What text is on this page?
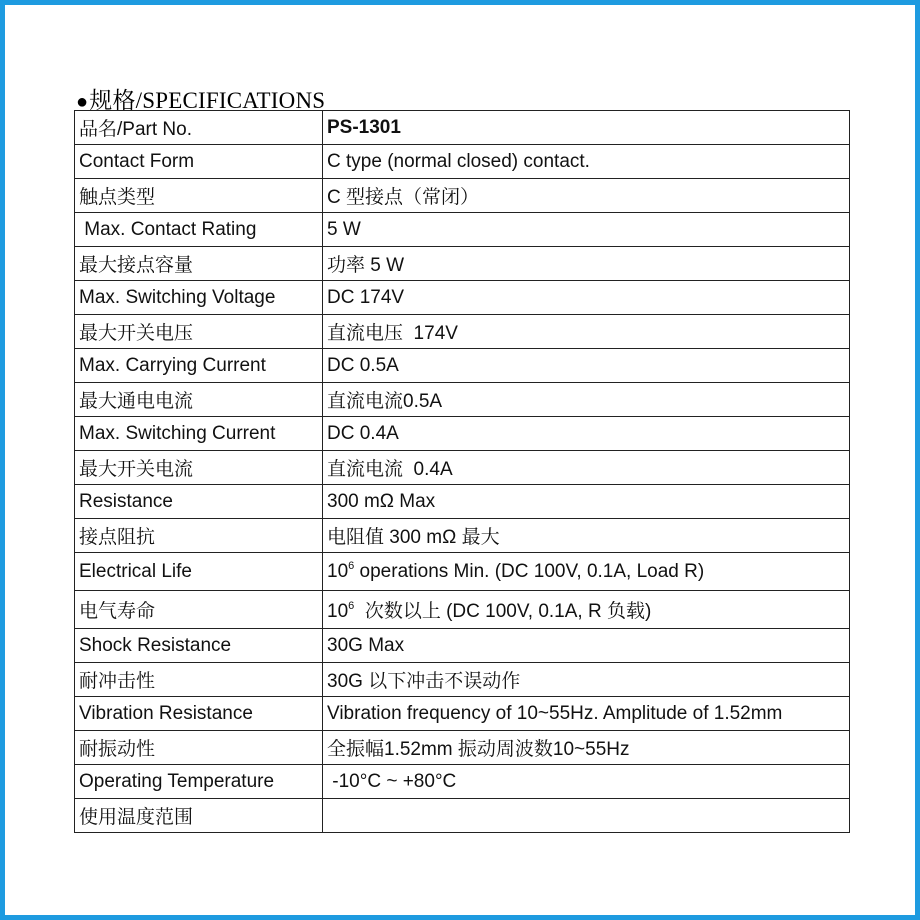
●规格/SPECIFICATIONS
品名/Part No.	PS-1301
Contact Form	C type (normal closed) contact.
触点类型	C 型接点（常闭）
Max. Contact Rating	5 W
最大接点容量	功率 5 W
Max. Switching Voltage	DC 174V
最大开关电压	直流电压  174V
Max. Carrying Current	DC 0.5A
最大通电电流	直流电流0.5A
Max. Switching Current	DC 0.4A
最大开关电流	直流电流  0.4A
Resistance	300 mΩ Max
接点阻抗	电阻值 300 mΩ 最大
Electrical Life	$10^6$ operations Min. (DC 100V, 0.1A, Load R)
电气寿命	$10^6$  次数以上 (DC 100V, 0.1A, R 负载)
Shock Resistance	30G Max
耐冲击性	30G 以下冲击不误动作
Vibration Resistance	Vibration frequency of 10~55Hz. Amplitude of 1.52mm
耐振动性	全振幅1.52mm 振动周波数10~55Hz
Operating Temperature	-10°C ~ +80°C
使用温度范围	
